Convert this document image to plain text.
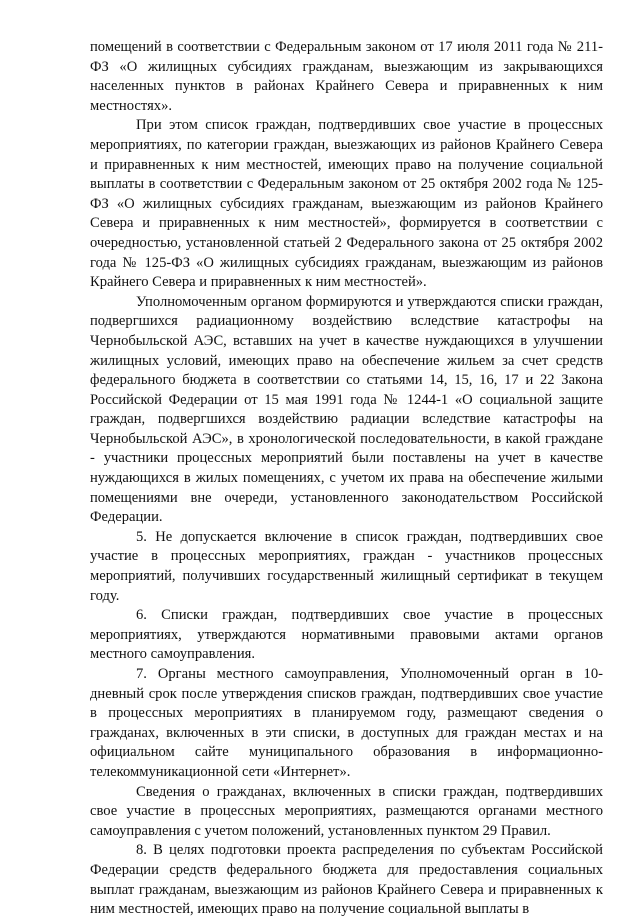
помещений в соответствии с Федеральным законом от 17 июля 2011 года № 211-ФЗ «О жилищных субсидиях гражданам, выезжающим из закрывающихся населенных пунктов в районах Крайнего Севера и приравненных к ним местностях».

При этом список граждан, подтвердивших свое участие в процессных мероприятиях, по категории граждан, выезжающих из районов Крайнего Севера и приравненных к ним местностей, имеющих право на получение социальной выплаты в соответствии с Федеральным законом от 25 октября 2002 года № 125-ФЗ «О жилищных субсидиях гражданам, выезжающим из районов Крайнего Севера и приравненных к ним местностей», формируется в соответствии с очередностью, установленной статьей 2 Федерального закона от 25 октября 2002 года № 125-ФЗ «О жилищных субсидиях гражданам, выезжающим из районов Крайнего Севера и приравненных к ним местностей».

Уполномоченным органом формируются и утверждаются списки граждан, подвергшихся радиационному воздействию вследствие катастрофы на Чернобыльской АЭС, вставших на учет в качестве нуждающихся в улучшении жилищных условий, имеющих право на обеспечение жильем за счет средств федерального бюджета в соответствии со статьями 14, 15, 16, 17 и 22 Закона Российской Федерации от 15 мая 1991 года № 1244-1 «О социальной защите граждан, подвергшихся воздействию радиации вследствие катастрофы на Чернобыльской АЭС», в хронологической последовательности, в какой граждане - участники процессных мероприятий были поставлены на учет в качестве нуждающихся в жилых помещениях, с учетом их права на обеспечение жилыми помещениями вне очереди, установленного законодательством Российской Федерации.

5. Не допускается включение в список граждан, подтвердивших свое участие в процессных мероприятиях, граждан - участников процессных мероприятий, получивших государственный жилищный сертификат в текущем году.

6. Списки граждан, подтвердивших свое участие в процессных мероприятиях, утверждаются нормативными правовыми актами органов местного самоуправления.

7. Органы местного самоуправления, Уполномоченный орган в 10-дневный срок после утверждения списков граждан, подтвердивших свое участие в процессных мероприятиях в планируемом году, размещают сведения о гражданах, включенных в эти списки, в доступных для граждан местах и на официальном сайте муниципального образования в информационно-телекоммуникационной сети «Интернет».

Сведения о гражданах, включенных в списки граждан, подтвердивших свое участие в процессных мероприятиях, размещаются органами местного самоуправления с учетом положений, установленных пунктом 29 Правил.

8. В целях подготовки проекта распределения по субъектам Российской Федерации средств федерального бюджета для предоставления социальных выплат гражданам, выезжающим из районов Крайнего Севера и приравненных к ним местностей, имеющих право на получение социальной выплаты в
